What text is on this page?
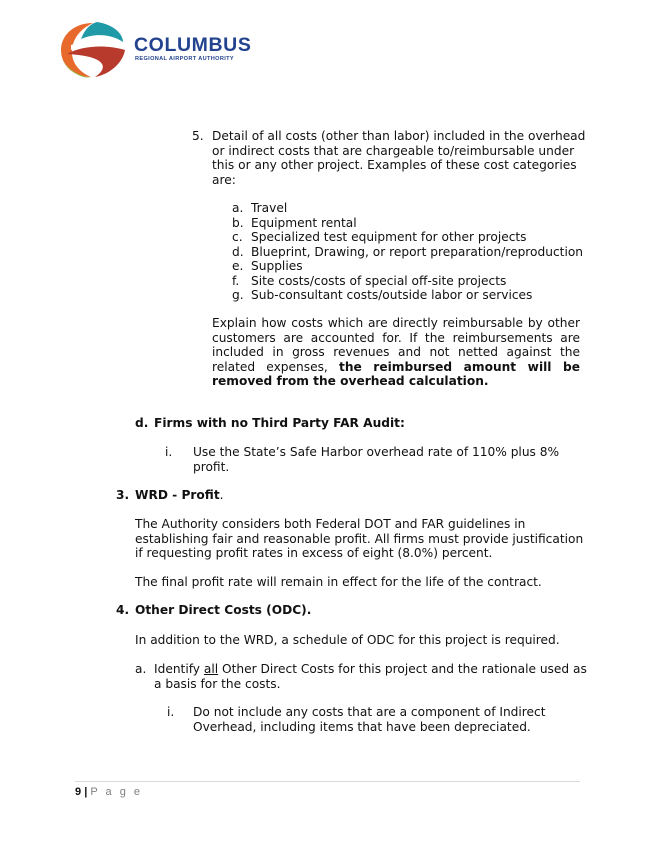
COLUMBUS
REGIONAL AIRPORT AUTHORITY
5. Detail of all costs (other than labor) included in the overhead
or indirect costs that are chargeable to/reimbursable under
this or any other project. Examples of these cost categories
are:
a. Travel
b. Equipment rental
c. Specialized test equipment for other projects
d. Blueprint, Drawing, or report preparation/reproduction
e. Supplies
f. Site costs/costs of special off-site projects
g. Sub-consultant costs/outside labor or services
Explain how costs which are directly reimbursable by other customers are accounted for. If the reimbursements are included in gross revenues and not netted against the related expenses, the reimbursed amount will be removed from the overhead calculation.
d. Firms with no Third Party FAR Audit:
i. Use the State’s Safe Harbor overhead rate of 110% plus 8%
profit.
3. WRD - Profit.
The Authority considers both Federal DOT and FAR guidelines in
establishing fair and reasonable profit. All firms must provide justification
if requesting profit rates in excess of eight (8.0%) percent.
The final profit rate will remain in effect for the life of the contract.
4. Other Direct Costs (ODC).
In addition to the WRD, a schedule of ODC for this project is required.
a. Identify all Other Direct Costs for this project and the rationale used as
a basis for the costs.
i. Do not include any costs that are a component of Indirect
Overhead, including items that have been depreciated.
9 | P a g e
